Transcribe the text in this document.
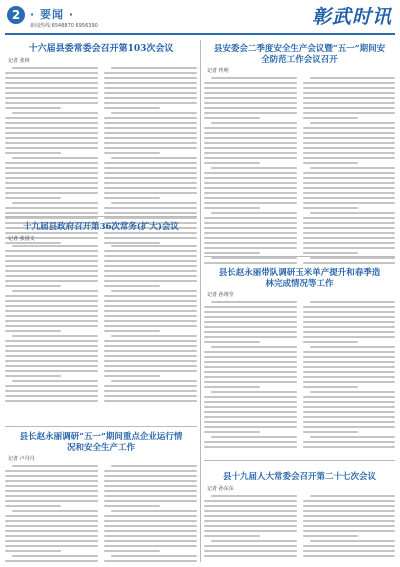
2 · 要闻 ·
新闻热线:6548870 6956390	彰武时讯
十六届县委常委会召开第103次会议
记者 张林
十九届县政府召开第36次常务(扩大)会议
记者 张国文
县长赵永丽调研“五一”期间重点企业运行情况和安全生产工作
记者 卢丹丹
县安委会二季度安全生产会议暨“五一”期间安全防范工作会议召开
记者 佟明
县长赵永丽带队调研玉米单产提升和春季造林完成情况等工作
记者 孙靖莹
县十九届人大常委会召开第二十七次会议
记者 孙东东
